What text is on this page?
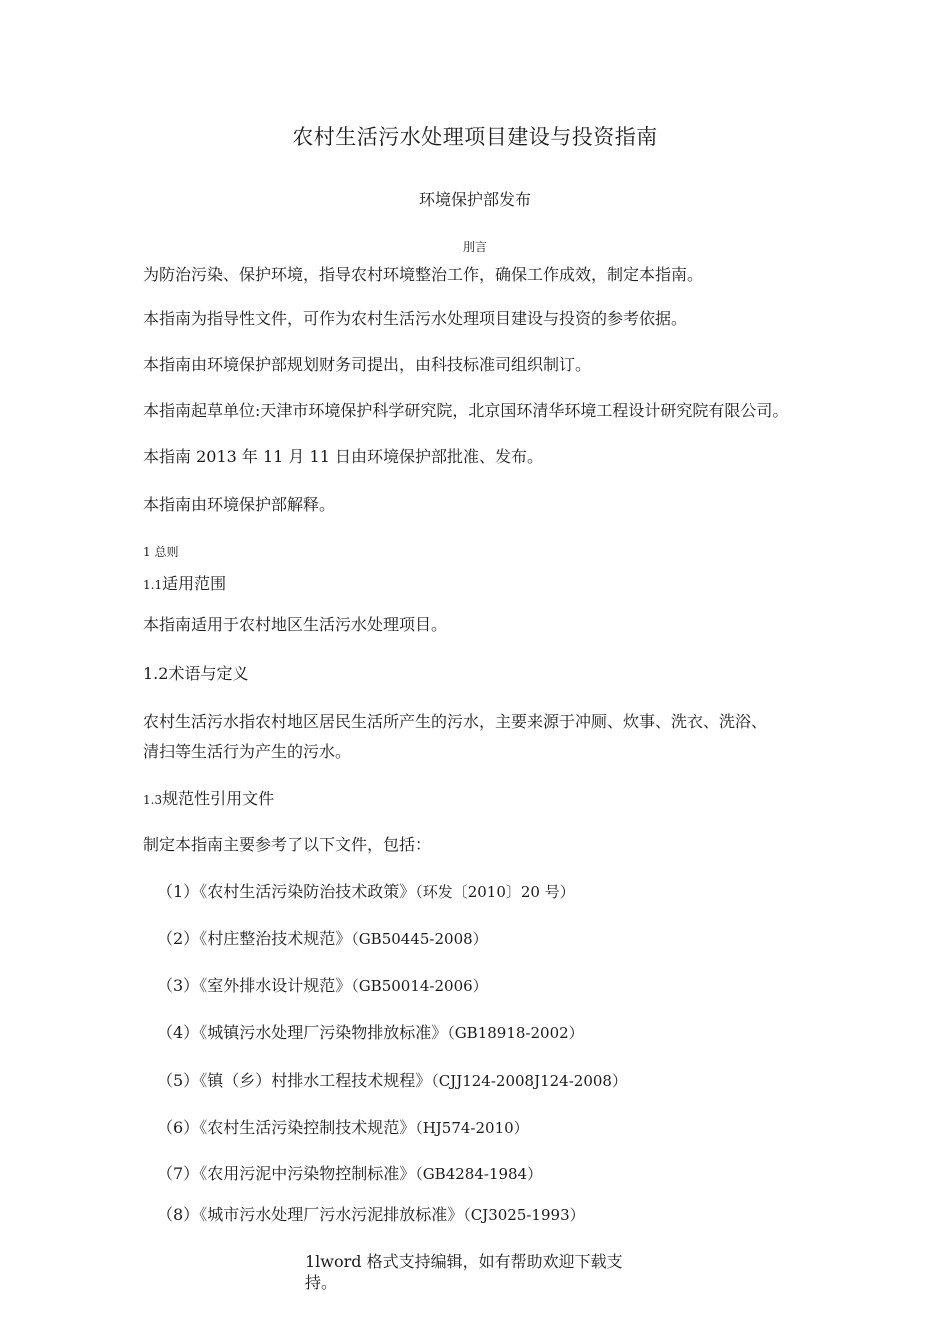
农村生活污水处理项目建设与投资指南
环境保护部发布
刖言
为防治污染、保护环境，指导农村环境整治工作，确保工作成效，制定本指南。
本指南为指导性文件，可作为农村生活污水处理项目建设与投资的参考依据。
本指南由环境保护部规划财务司提出，由科技标准司组织制订。
本指南起草单位:天津市环境保护科学研究院，北京国环清华环境工程设计研究院有限公司。
本指南 2013 年 11 月 11 日由环境保护部批准、发布。
本指南由环境保护部解释。
1 总则
1.1适用范围
本指南适用于农村地区生活污水处理项目。
1.2术语与定义
农村生活污水指农村地区居民生活所产生的污水，主要来源于冲厕、炊事、洗衣、洗浴、
清扫等生活行为产生的污水。
1.3规范性引用文件
制定本指南主要参考了以下文件，包括：
（1）《农村生活污染防治技术政策》（环发〔2010〕20 号）
（2）《村庄整治技术规范》（GB50445-2008）
（3）《室外排水设计规范》（GB50014-2006）
（4）《城镇污水处理厂污染物排放标准》（GB18918-2002）
（5）《镇（乡）村排水工程技术规程》（CJJ124-2008J124-2008）
（6）《农村生活污染控制技术规范》（HJ574-2010）
（7）《农用污泥中污染物控制标准》（GB4284-1984）
（8）《城市污水处理厂污水污泥排放标准》（CJ3025-1993）
1lword 格式支持编辑，如有帮助欢迎下载支持。
